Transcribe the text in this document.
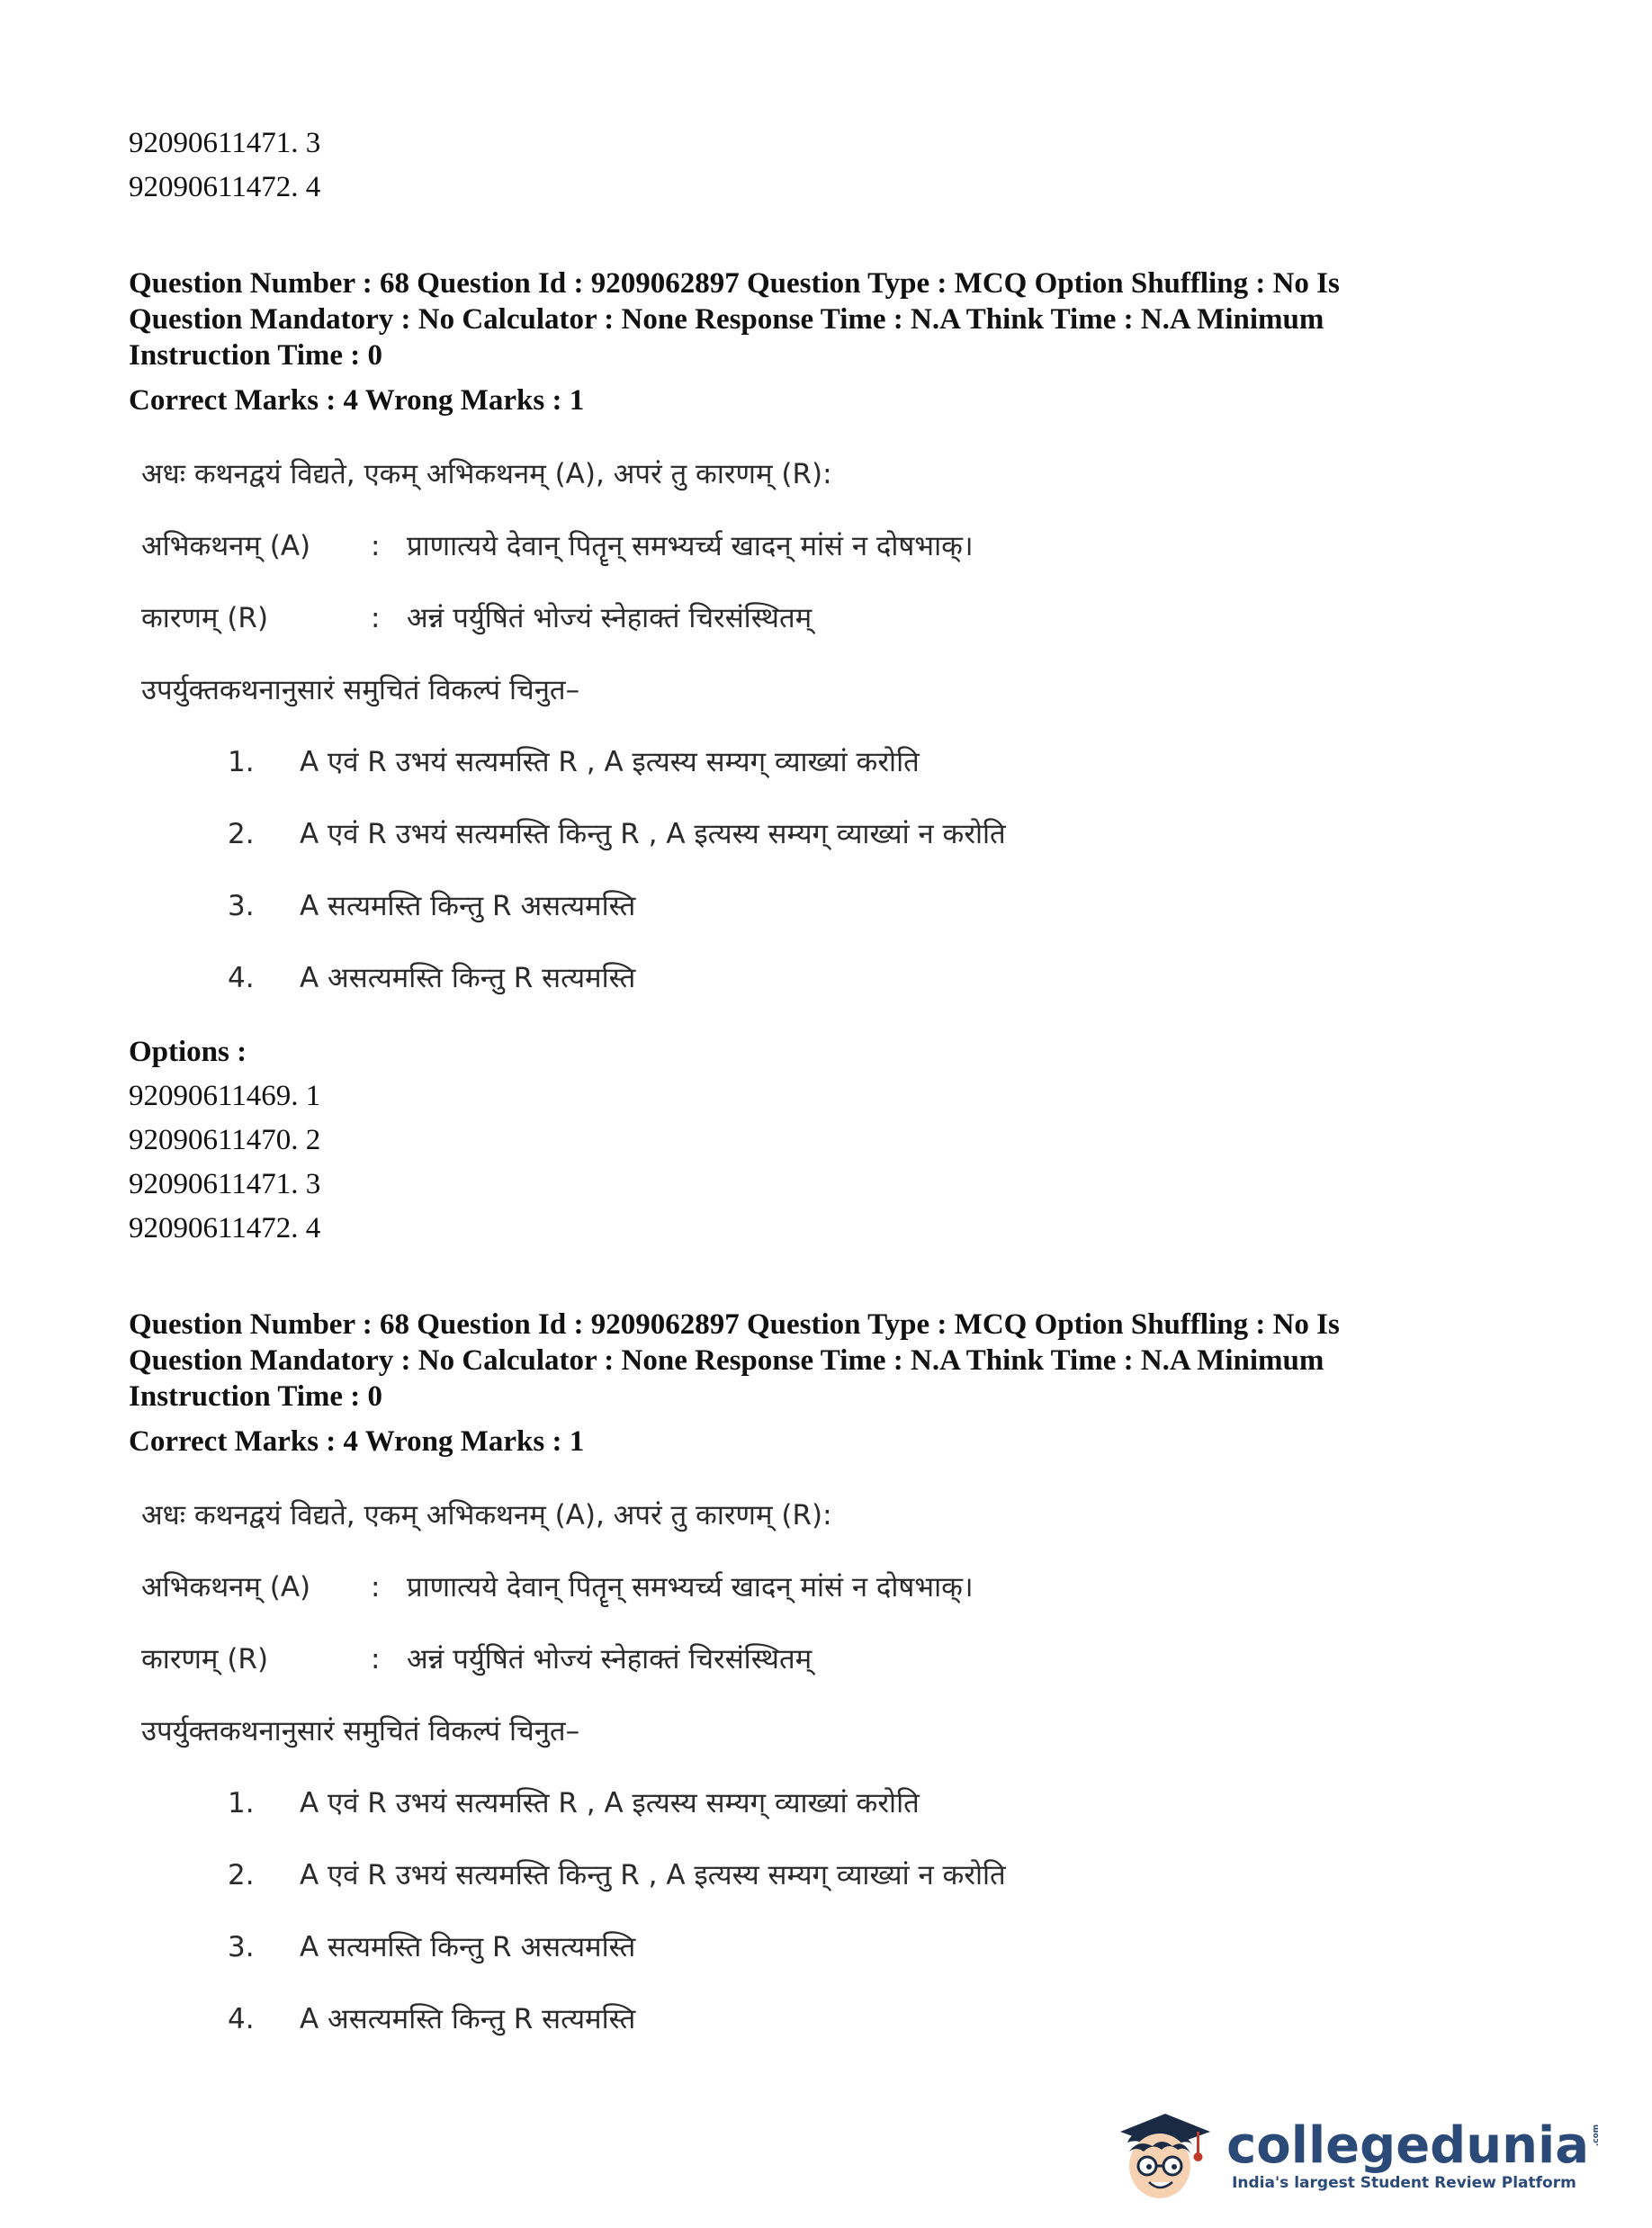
92090611471. 3

92090611472. 4

Question Number : 68 Question Id : 9209062897 Question Type : MCQ Option Shuffling : No Is

Question Mandatory : No Calculator : None Response Time : N.A Think Time : N.A Minimum

Instruction Time : 0

Correct Marks : 4 Wrong Marks : 1

अधः कथनद्वयं विद्यते, एकम् अभिकथनम् (A), अपरं तु कारणम् (R):
अभिकथनम् (A)	: प्राणात्यये देवान् पितॄन् समभ्यर्च्य खादन् मांसं न दोषभाक्।
कारणम् (R)	: अन्नं पर्युषितं भोज्यं स्नेहाक्तं चिरसंस्थितम्
उपर्युक्तकथनानुसारं समुचितं विकल्पं चिनुत–
1.	A एवं R उभयं सत्यमस्ति R , A इत्यस्य सम्यग् व्याख्यां करोति
2.	A एवं R उभयं सत्यमस्ति किन्तु R , A इत्यस्य सम्यग् व्याख्यां न करोति
3.	A सत्यमस्ति किन्तु R असत्यमस्ति
4.	A असत्यमस्ति किन्तु R सत्यमस्ति

Options :

92090611469. 1

92090611470. 2

92090611471. 3

92090611472. 4

Question Number : 68 Question Id : 9209062897 Question Type : MCQ Option Shuffling : No Is

Question Mandatory : No Calculator : None Response Time : N.A Think Time : N.A Minimum

Instruction Time : 0

Correct Marks : 4 Wrong Marks : 1

अधः कथनद्वयं विद्यते, एकम् अभिकथनम् (A), अपरं तु कारणम् (R):
अभिकथनम् (A)	: प्राणात्यये देवान् पितॄन् समभ्यर्च्य खादन् मांसं न दोषभाक्।
कारणम् (R)	: अन्नं पर्युषितं भोज्यं स्नेहाक्तं चिरसंस्थितम्
उपर्युक्तकथनानुसारं समुचितं विकल्पं चिनुत–
1.	A एवं R उभयं सत्यमस्ति R , A इत्यस्य सम्यग् व्याख्यां करोति
2.	A एवं R उभयं सत्यमस्ति किन्तु R , A इत्यस्य सम्यग् व्याख्यां न करोति
3.	A सत्यमस्ति किन्तु R असत्यमस्ति
4.	A असत्यमस्ति किन्तु R सत्यमस्ति
collegedunia .com
India's largest Student Review Platform
